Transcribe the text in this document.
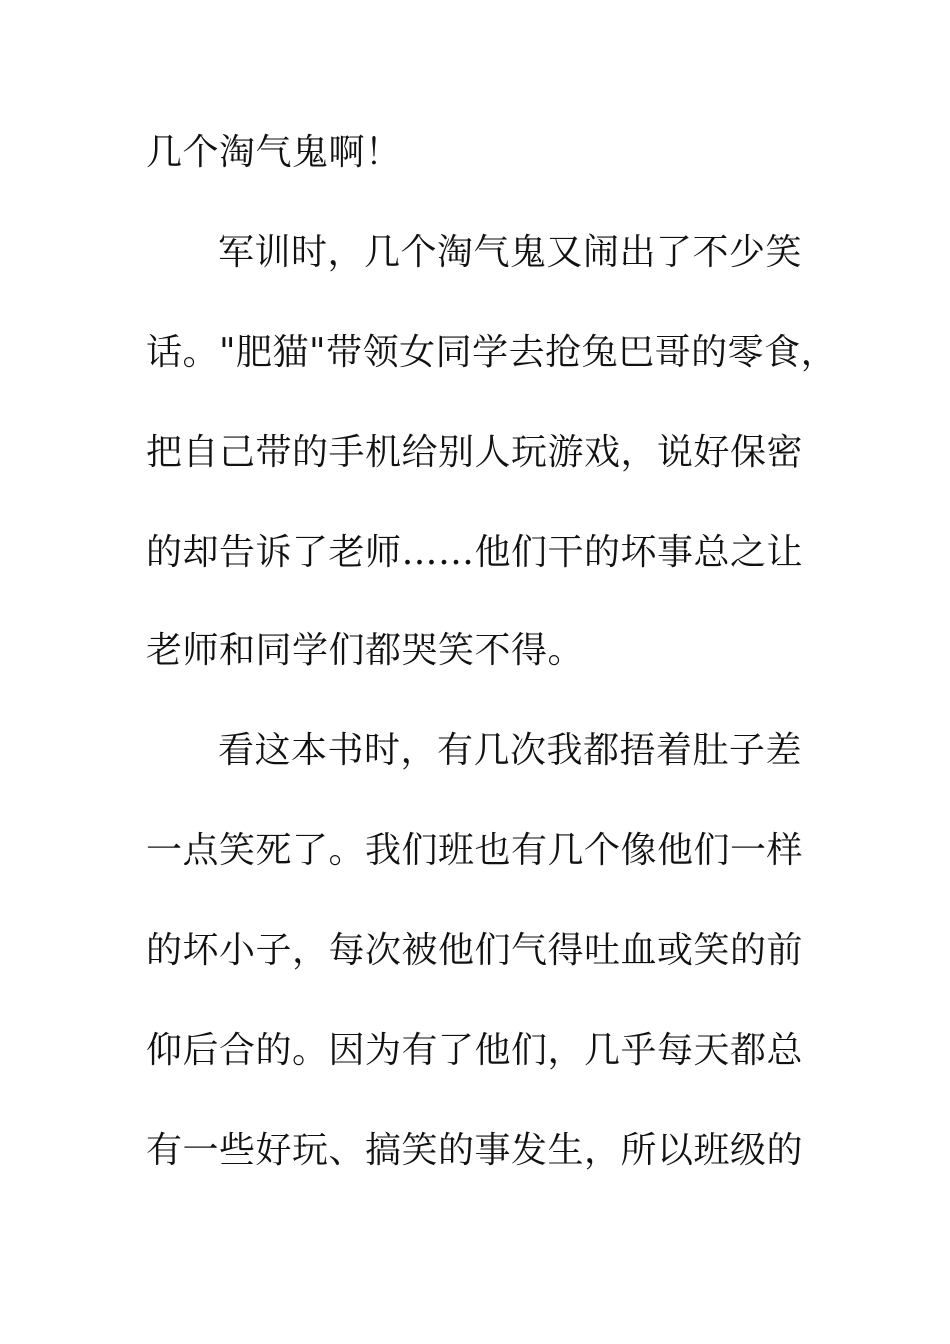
几个淘气鬼啊！
军训时，几个淘气鬼又闹出了不少笑
话。"肥猫"带领女同学去抢兔巴哥的零食，
把自己带的手机给别人玩游戏，说好保密
的却告诉了老师……他们干的坏事总之让
老师和同学们都哭笑不得。
看这本书时，有几次我都捂着肚子差
一点笑死了。我们班也有几个像他们一样
的坏小子，每次被他们气得吐血或笑的前
仰后合的。因为有了他们，几乎每天都总
有一些好玩、搞笑的事发生，所以班级的
